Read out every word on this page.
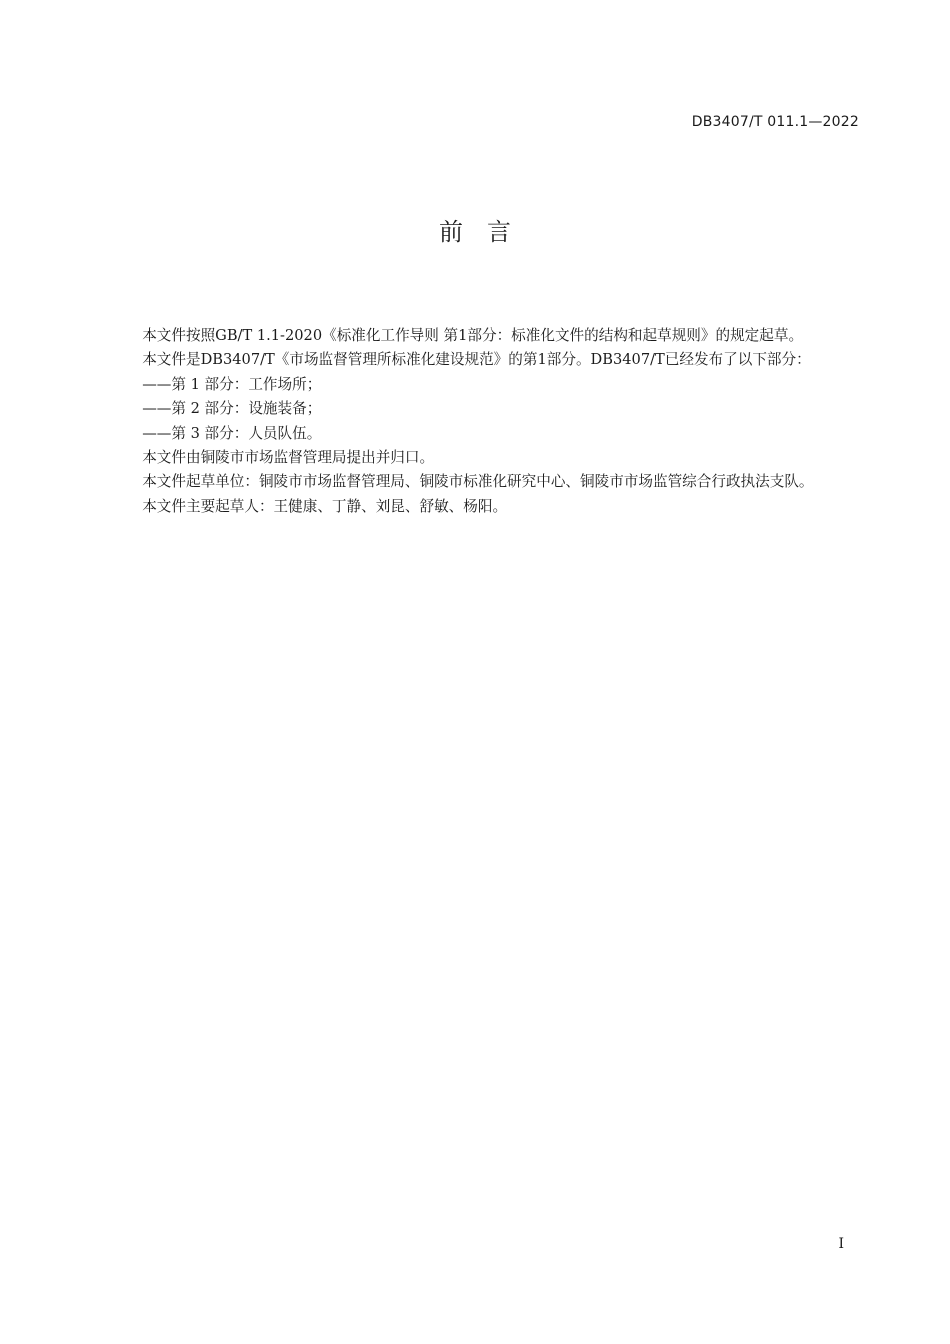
DB3407/T 011.1—2022
前言

本文件按照GB/T 1.1-2020《标准化工作导则 第1部分：标准化文件的结构和起草规则》的规定起草。

本文件是DB3407/T《市场监督管理所标准化建设规范》的第1部分。DB3407/T已经发布了以下部分：

——第 1 部分：工作场所；

——第 2 部分：设施装备；

——第 3 部分：人员队伍。

本文件由铜陵市市场监督管理局提出并归口。

本文件起草单位：铜陵市市场监督管理局、铜陵市标准化研究中心、铜陵市市场监管综合行政执法支队。

本文件主要起草人：王健康、丁静、刘昆、舒敏、杨阳。

I
